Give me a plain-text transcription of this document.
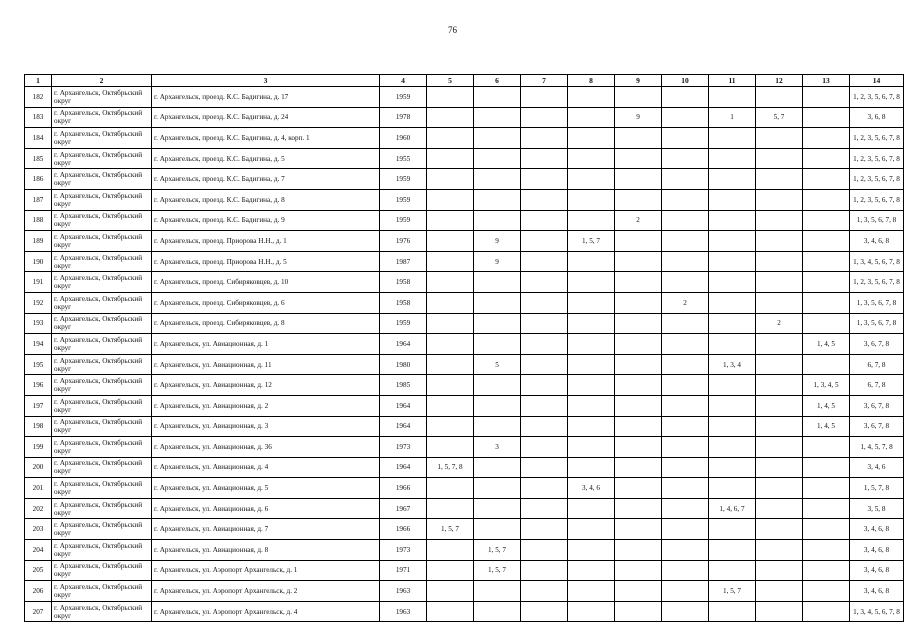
76
1	2	3	4	5	6	7	8	9	10	11	12	13	14
182	г. Архангельск, Октябрьский округ	г. Архангельск, проезд. К.С. Бадигина, д. 17	1959										1, 2, 3, 5, 6, 7, 8
183	г. Архангельск, Октябрьский округ	г. Архангельск, проезд. К.С. Бадигина, д. 24	1978					9		1	5, 7		3, 6, 8
184	г. Архангельск, Октябрьский округ	г. Архангельск, проезд. К.С. Бадигина, д. 4, корп. 1	1960										1, 2, 3, 5, 6, 7, 8
185	г. Архангельск, Октябрьский округ	г. Архангельск, проезд. К.С. Бадигина, д. 5	1955										1, 2, 3, 5, 6, 7, 8
186	г. Архангельск, Октябрьский округ	г. Архангельск, проезд. К.С. Бадигина, д. 7	1959										1, 2, 3, 5, 6, 7, 8
187	г. Архангельск, Октябрьский округ	г. Архангельск, проезд. К.С. Бадигина, д. 8	1959										1, 2, 3, 5, 6, 7, 8
188	г. Архангельск, Октябрьский округ	г. Архангельск, проезд. К.С. Бадигина, д. 9	1959					2					1, 3, 5, 6, 7, 8
189	г. Архангельск, Октябрьский округ	г. Архангельск, проезд. Приорова Н.Н., д. 1	1976		9		1, 5, 7						3, 4, 6, 8
190	г. Архангельск, Октябрьский округ	г. Архангельск, проезд. Приорова Н.Н., д. 5	1987		9								1, 3, 4, 5, 6, 7, 8
191	г. Архангельск, Октябрьский округ	г. Архангельск, проезд. Сибиряковцев, д. 10	1958										1, 2, 3, 5, 6, 7, 8
192	г. Архангельск, Октябрьский округ	г. Архангельск, проезд. Сибиряковцев, д. 6	1958						2				1, 3, 5, 6, 7, 8
193	г. Архангельск, Октябрьский округ	г. Архангельск, проезд. Сибиряковцев, д. 8	1959								2		1, 3, 5, 6, 7, 8
194	г. Архангельск, Октябрьский округ	г. Архангельск, ул. Авиационная, д. 1	1964									1, 4, 5	3, 6, 7, 8
195	г. Архангельск, Октябрьский округ	г. Архангельск, ул. Авиационная, д. 11	1980		5					1, 3, 4			6, 7, 8
196	г. Архангельск, Октябрьский округ	г. Архангельск, ул. Авиационная, д. 12	1985									1, 3, 4, 5	6, 7, 8
197	г. Архангельск, Октябрьский округ	г. Архангельск, ул. Авиационная, д. 2	1964									1, 4, 5	3, 6, 7, 8
198	г. Архангельск, Октябрьский округ	г. Архангельск, ул. Авиационная, д. 3	1964									1, 4, 5	3, 6, 7, 8
199	г. Архангельск, Октябрьский округ	г. Архангельск, ул. Авиационная, д. 36	1973		3								1, 4, 5, 7, 8
200	г. Архангельск, Октябрьский округ	г. Архангельск, ул. Авиационная, д. 4	1964	1, 5, 7, 8									3, 4, 6
201	г. Архангельск, Октябрьский округ	г. Архангельск, ул. Авиационная, д. 5	1966				3, 4, 6						1, 5, 7, 8
202	г. Архангельск, Октябрьский округ	г. Архангельск, ул. Авиационная, д. 6	1967							1, 4, 6, 7			3, 5, 8
203	г. Архангельск, Октябрьский округ	г. Архангельск, ул. Авиационная, д. 7	1966	1, 5, 7									3, 4, 6, 8
204	г. Архангельск, Октябрьский округ	г. Архангельск, ул. Авиационная, д. 8	1973		1, 5, 7								3, 4, 6, 8
205	г. Архангельск, Октябрьский округ	г. Архангельск, ул. Аэропорт Архангельск, д. 1	1971		1, 5, 7								3, 4, 6, 8
206	г. Архангельск, Октябрьский округ	г. Архангельск, ул. Аэропорт Архангельск, д. 2	1963							1, 5, 7			3, 4, 6, 8
207	г. Архангельск, Октябрьский округ	г. Архангельск, ул. Аэропорт Архангельск, д. 4	1963										1, 3, 4, 5, 6, 7, 8
